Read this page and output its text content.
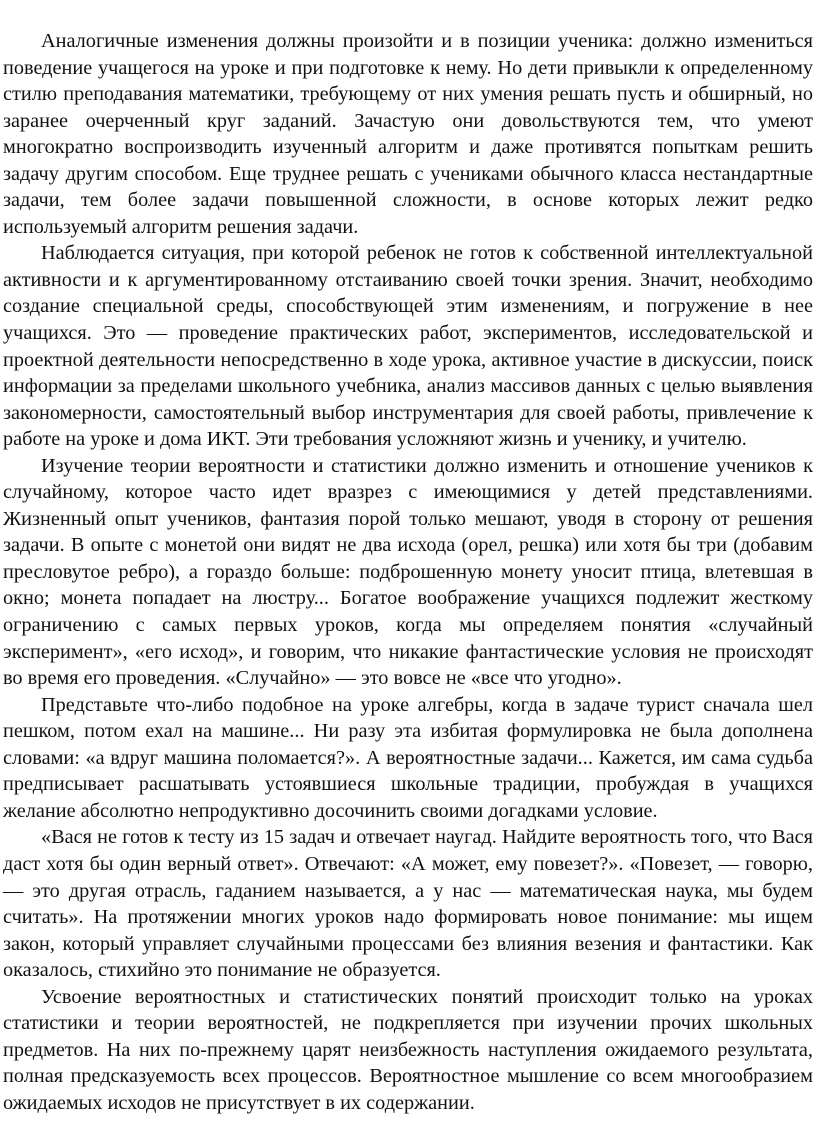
Аналогичные изменения должны произойти и в позиции ученика: должно измениться поведение учащегося на уроке и при подготовке к нему. Но дети привыкли к определенному стилю преподавания математики, требующему от них умения решать пусть и обширный, но заранее очерченный круг заданий. Зачастую они довольствуются тем, что умеют многократно воспроизводить изученный алгоритм и даже противятся попыткам решить задачу другим способом. Еще труднее решать с учениками обычного класса нестандартные задачи, тем более задачи повышенной сложности, в основе которых лежит редко используемый алгоритм решения задачи.

Наблюдается ситуация, при которой ребенок не готов к собственной интеллектуальной активности и к аргументированному отстаиванию своей точки зрения. Значит, необходимо создание специальной среды, способствующей этим изменениям, и погружение в нее учащихся. Это — проведение практических работ, экспериментов, исследовательской и проектной деятельности непосредственно в ходе урока, активное участие в дискуссии, поиск информации за пределами школьного учебника, анализ массивов данных с целью выявления закономерности, самостоятельный выбор инструментария для своей работы, привлечение к работе на уроке и дома ИКТ. Эти требования усложняют жизнь и ученику, и учителю.

Изучение теории вероятности и статистики должно изменить и отношение учеников к случайному, которое часто идет вразрез с имеющимися у детей представлениями. Жизненный опыт учеников, фантазия порой только мешают, уводя в сторону от решения задачи. В опыте с монетой они видят не два исхода (орел, решка) или хотя бы три (добавим пресловутое ребро), а гораздо больше: подброшенную монету уносит птица, влетевшая в окно; монета попадает на люстру... Богатое воображение учащихся подлежит жесткому ограничению с самых первых уроков, когда мы определяем понятия «случайный эксперимент», «его исход», и говорим, что никакие фантастические условия не происходят во время его проведения. «Случайно» — это вовсе не «все что угодно».

Представьте что-либо подобное на уроке алгебры, когда в задаче турист сначала шел пешком, потом ехал на машине... Ни разу эта избитая формулировка не была дополнена словами: «а вдруг машина поломается?». А вероятностные задачи... Кажется, им сама судьба предписывает расшатывать устоявшиеся школьные традиции, пробуждая в учащихся желание абсолютно непродуктивно досочинить своими догадками условие.

«Вася не готов к тесту из 15 задач и отвечает наугад. Найдите вероятность того, что Вася даст хотя бы один верный ответ». Отвечают: «А может, ему повезет?». «Повезет, — говорю, — это другая отрасль, гаданием называется, а у нас — математическая наука, мы будем считать». На протяжении многих уроков надо формировать новое понимание: мы ищем закон, который управляет случайными процессами без влияния везения и фантастики. Как оказалось, стихийно это понимание не образуется.

Усвоение вероятностных и статистических понятий происходит только на уроках статистики и теории вероятностей, не подкрепляется при изучении прочих школьных предметов. На них по-прежнему царят неизбежность наступления ожидаемого результата, полная предсказуемость всех процессов. Вероятностное мышление со всем многообразием ожидаемых исходов не присутствует в их содержании.
